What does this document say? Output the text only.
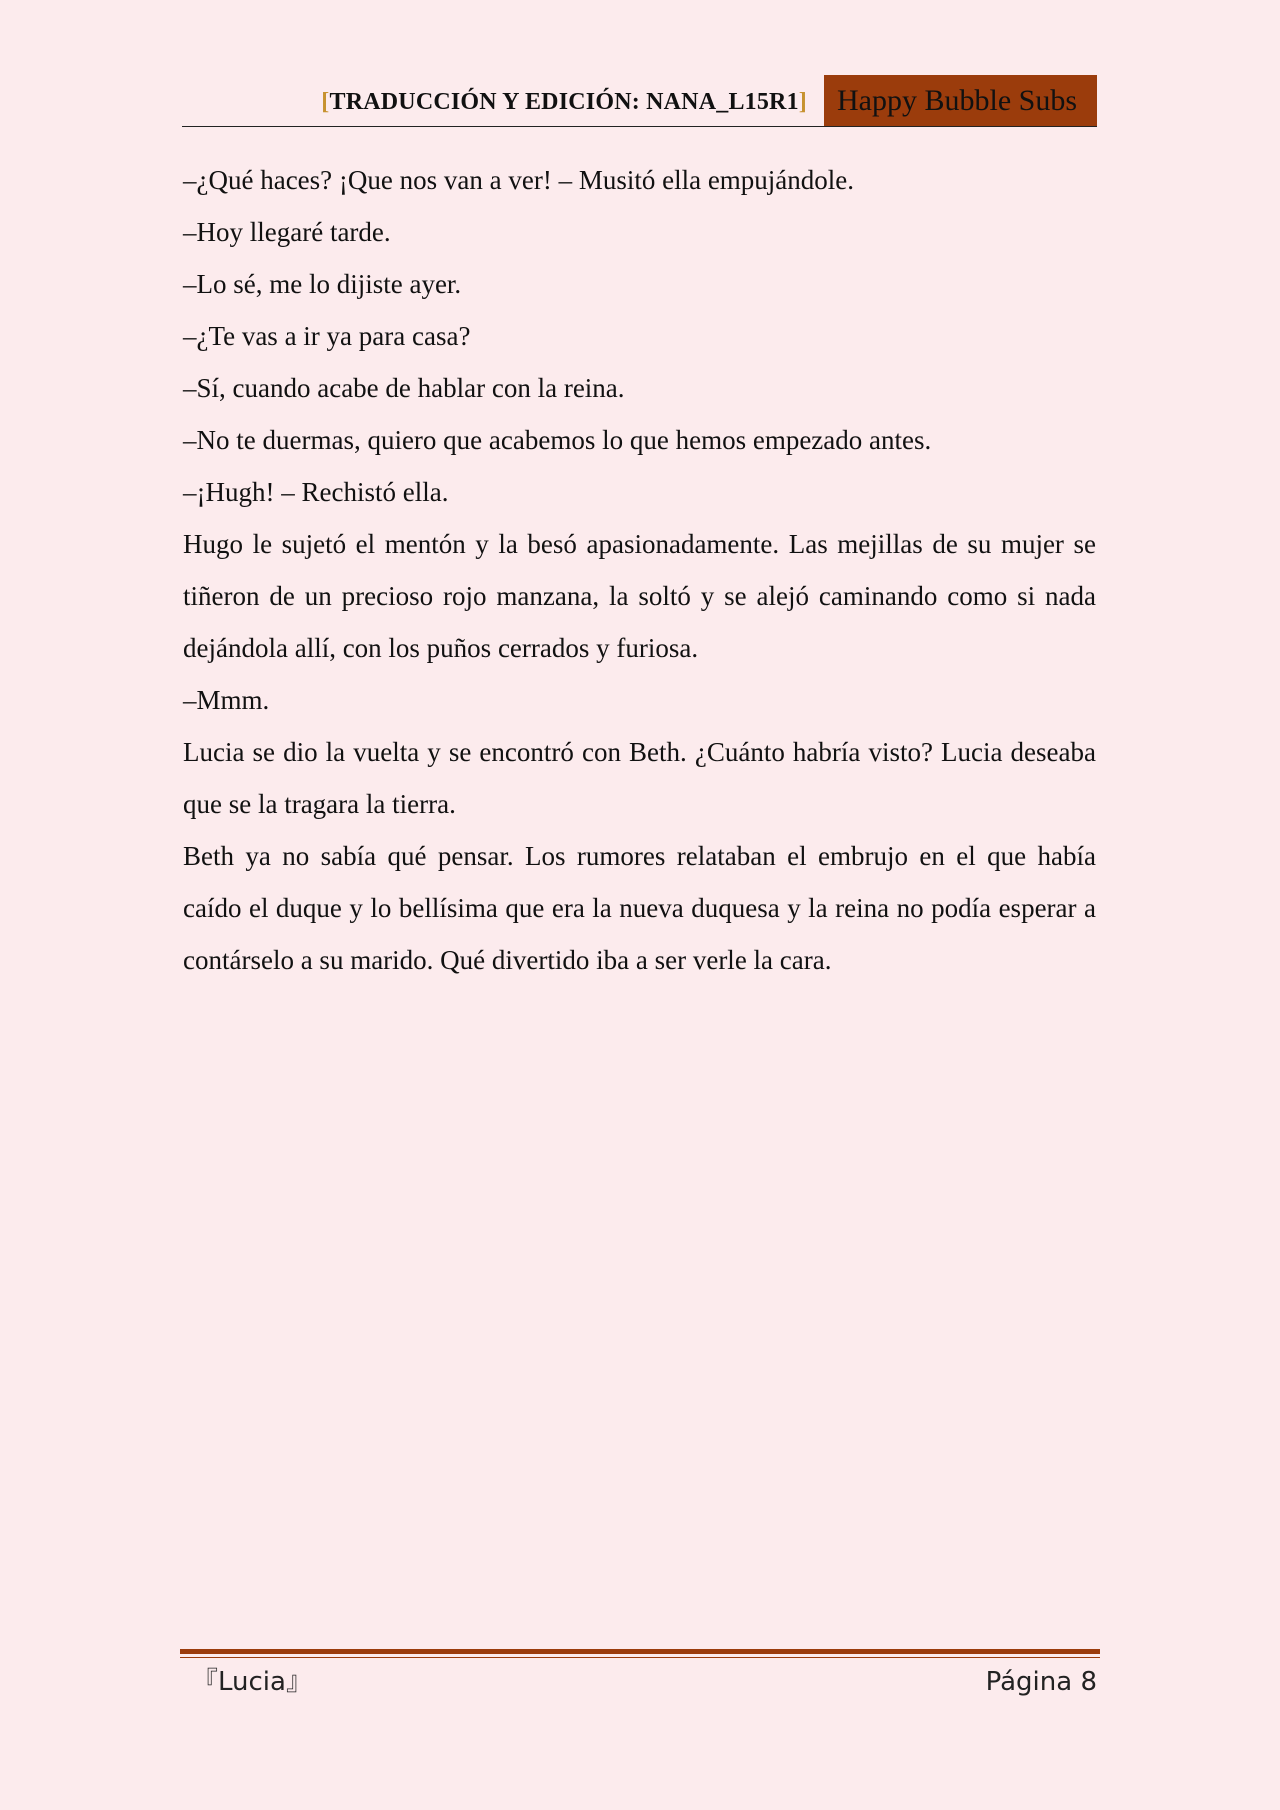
[TRADUCCIÓN Y EDICIÓN: NANA_L15R1]	Happy Bubble Subs

–¿Qué haces? ¡Que nos van a ver! – Musitó ella empujándole.

–Hoy llegaré tarde.

–Lo sé, me lo dijiste ayer.

–¿Te vas a ir ya para casa?

–Sí, cuando acabe de hablar con la reina.

–No te duermas, quiero que acabemos lo que hemos empezado antes.

–¡Hugh! – Rechistó ella.

Hugo le sujetó el mentón y la besó apasionadamente. Las mejillas de su mujer se tiñeron de un precioso rojo manzana, la soltó y se alejó caminando como si nada dejándola allí, con los puños cerrados y furiosa.

–Mmm.

Lucia se dio la vuelta y se encontró con Beth. ¿Cuánto habría visto? Lucia deseaba que se la tragara la tierra.

Beth ya no sabía qué pensar. Los rumores relataban el embrujo en el que había caído el duque y lo bellísima que era la nueva duquesa y la reina no podía esperar a contárselo a su marido. Qué divertido iba a ser verle la cara.

『Lucia』	Página 8
